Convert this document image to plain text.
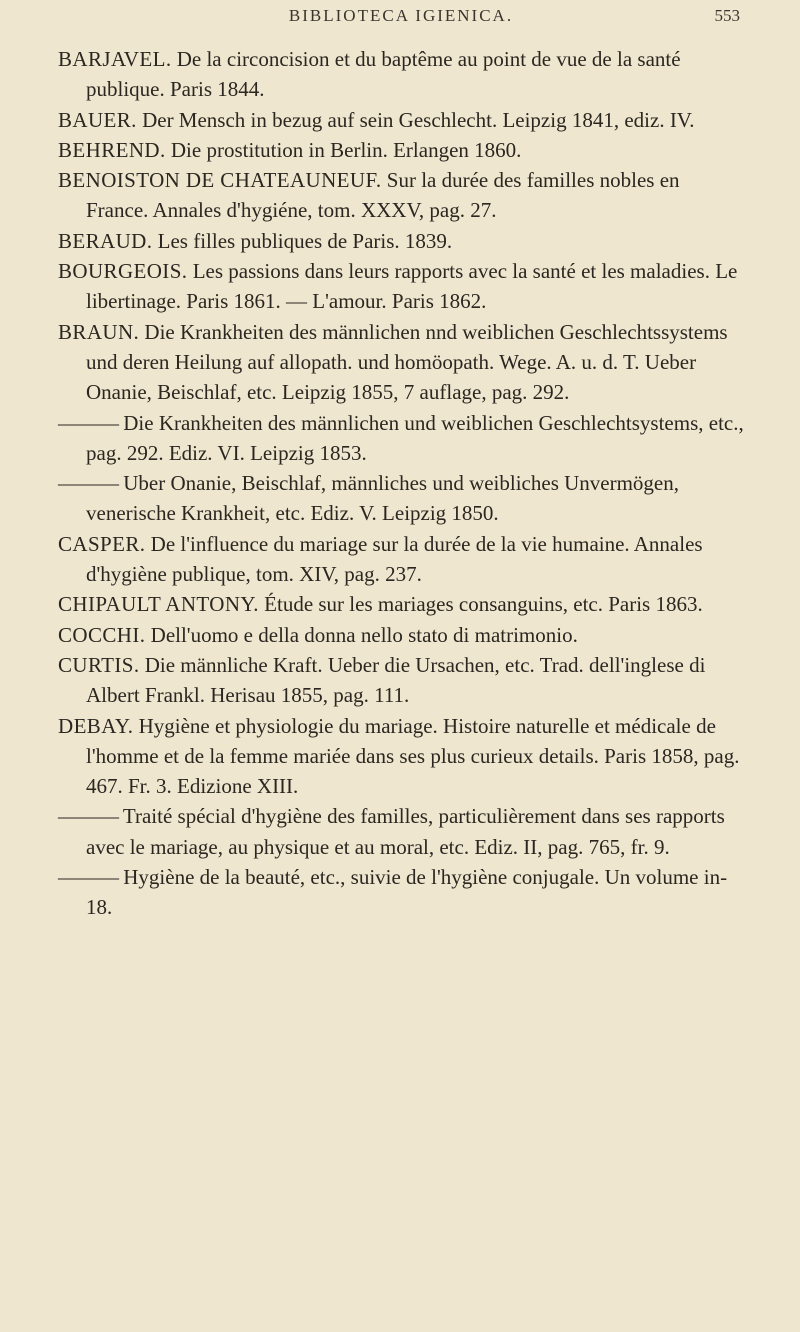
BIBLIOTECA IGIENICA.	553

BARJAVEL. De la circoncision et du baptême au point de vue de la santé publique. Paris 1844.

BAUER. Der Mensch in bezug auf sein Geschlecht. Leipzig 1841, ediz. IV.

BEHREND. Die prostitution in Berlin. Erlangen 1860.

BENOISTON DE CHATEAUNEUF. Sur la durée des familles nobles en France. Annales d'hygiéne, tom. XXXV, pag. 27.

BERAUD. Les filles publiques de Paris. 1839.

BOURGEOIS. Les passions dans leurs rapports avec la santé et les maladies. Le libertinage. Paris 1861. — L'amour. Paris 1862.

BRAUN. Die Krankheiten des männlichen nnd weiblichen Geschlechtssystems und deren Heilung auf allopath. und homöopath. Wege. A. u. d. T. Ueber Onanie, Beischlaf, etc. Leipzig 1855, 7 auflage, pag. 292.

——— Die Krankheiten des männlichen und weiblichen Geschlechtsystems, etc., pag. 292. Ediz. VI. Leipzig 1853.

——— Uber Onanie, Beischlaf, männliches und weibliches Unvermögen, venerische Krankheit, etc. Ediz. V. Leipzig 1850.

CASPER. De l'influence du mariage sur la durée de la vie humaine. Annales d'hygiène publique, tom. XIV, pag. 237.

CHIPAULT ANTONY. Étude sur les mariages consanguins, etc. Paris 1863.

COCCHI. Dell'uomo e della donna nello stato di matrimonio.

CURTIS. Die männliche Kraft. Ueber die Ursachen, etc. Trad. dell'inglese di Albert Frankl. Herisau 1855, pag. 111.

DEBAY. Hygiène et physiologie du mariage. Histoire naturelle et médicale de l'homme et de la femme mariée dans ses plus curieux details. Paris 1858, pag. 467. Fr. 3. Edizione XIII.

——— Traité spécial d'hygiène des familles, particulièrement dans ses rapports avec le mariage, au physique et au moral, etc. Ediz. II, pag. 765, fr. 9.

——— Hygiène de la beauté, etc., suivie de l'hygiène conjugale. Un volume in-18.
